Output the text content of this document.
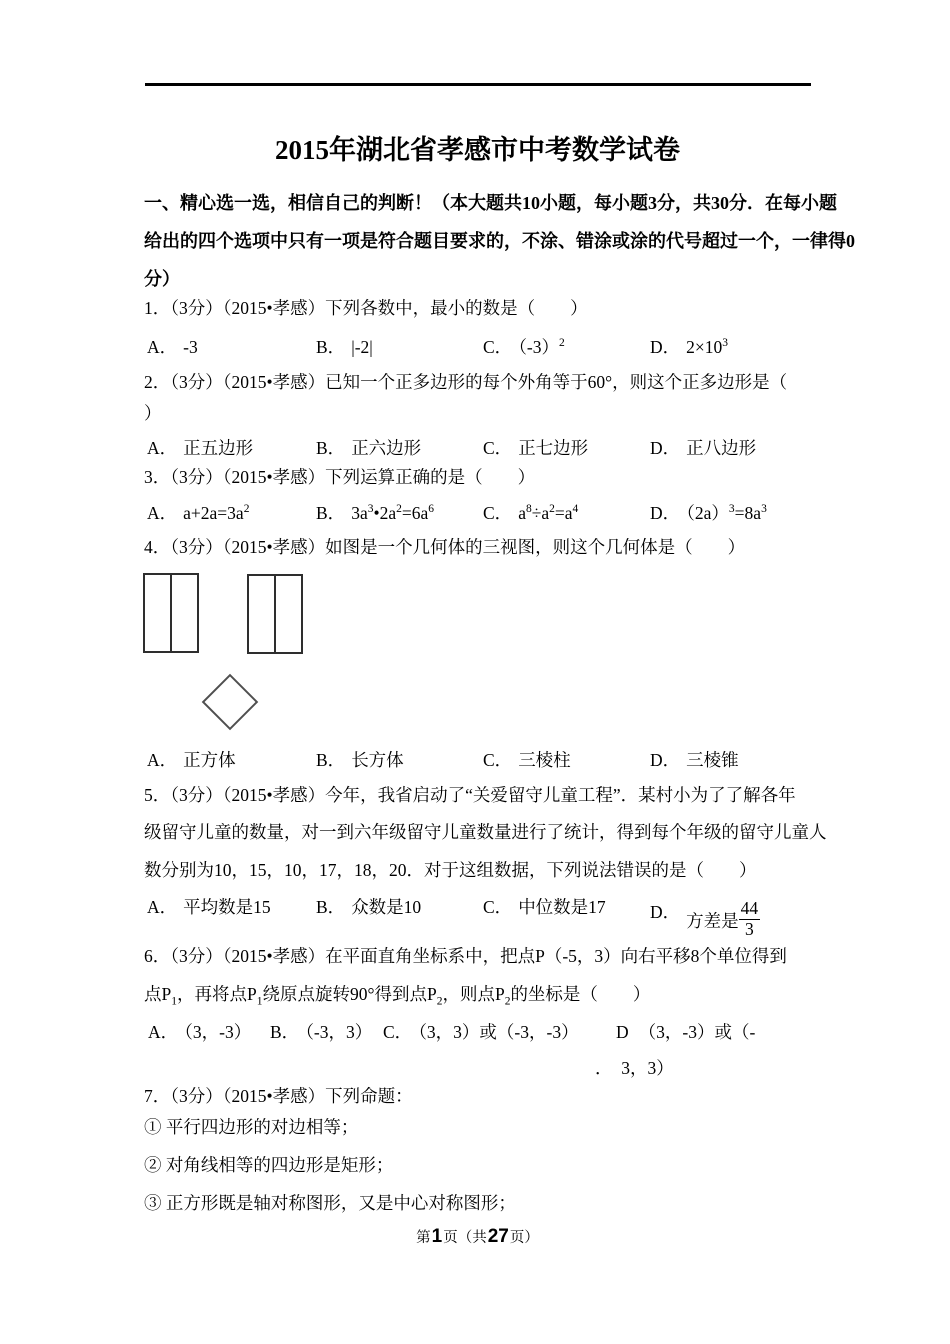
2015年湖北省孝感市中考数学试卷
一、精心选一选，相信自己的判断！（本大题共10小题，每小题3分，共30分．在每小题
给出的四个选项中只有一项是符合题目要求的，不涂、错涂或涂的代号超过一个，一律得0
分）
1．（3分）（2015•孝感）下列各数中，最小的数是（　　）
A． -3	B． |-2|	C． $(-3)^2$	D． $2\times 10^3$
2．（3分）（2015•孝感）已知一个正多边形的每个外角等于60°，则这个正多边形是（
）
A． 正五边形	B． 正六边形	C． 正七边形	D． 正八边形
3．（3分）（2015•孝感）下列运算正确的是（　　）
A． $a+2a=3a^2$	B． $3a^3•2a^2=6a^6$	C． $a^8\div a^2=a^4$	D． $(2a)^3=8a^3$
4．（3分）（2015•孝感）如图是一个几何体的三视图，则这个几何体是（　　）
A． 正方体	B． 长方体	C． 三棱柱	D． 三棱锥
5．（3分）（2015•孝感）今年，我省启动了“关爱留守儿童工程”．某村小为了了解各年
级留守儿童的数量，对一到六年级留守儿童数量进行了统计，得到每个年级的留守儿童人
数分别为10，15，10，17，18，20．对于这组数据，下列说法错误的是（　　）
A． 平均数是15	B． 众数是10	C． 中位数是17	D． 方差是 $\frac{44}{3}$
6．（3分）（2015•孝感）在平面直角坐标系中，把点P（-5，3）向右平移8个单位得到
点$P_1$，再将点$P_1$绕原点旋转90°得到点$P_2$，则点$P_2$的坐标是（　　）
A． （3，-3） B． （-3，3） C． （3，3）或（-3，-3） D （3，-3）或（-
．　3，3）
7．（3分）（2015•孝感）下列命题：
① 平行四边形的对边相等；
② 对角线相等的四边形是矩形；
③ 正方形既是轴对称图形，又是中心对称图形；
第1页（共27页）
